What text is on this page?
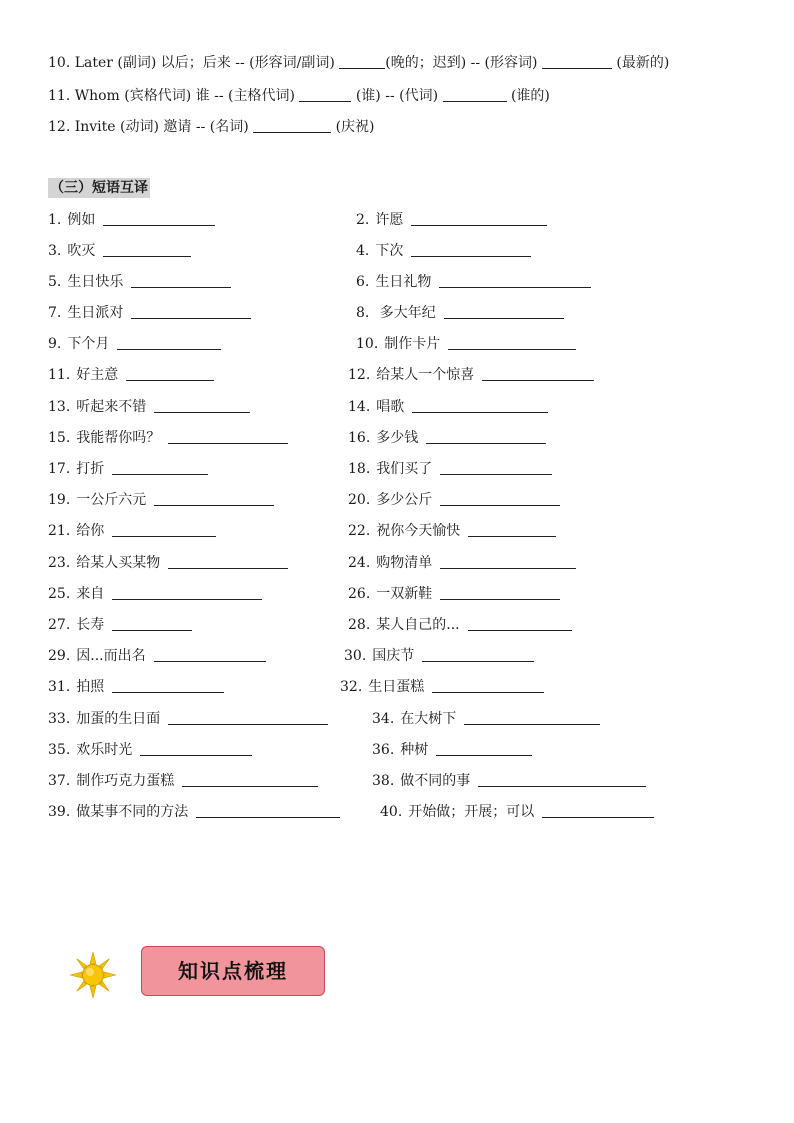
10. Later (副词) 以后；后来 -- (形容词/副词)	(晚的；迟到) -- (形容词)	(最新的)
11. Whom (宾格代词) 谁 -- (主格代词)	(谁) -- (代词)	(谁的)
12. Invite (动词) 邀请 -- (名词)	(庆祝)
（三）短语互译
1. 例如	2. 许愿
3. 吹灭	4. 下次
5. 生日快乐	6. 生日礼物
7. 生日派对	8. 多大年纪
9. 下个月	10. 制作卡片
11. 好主意	12. 给某人一个惊喜
13. 听起来不错	14. 唱歌
15. 我能帮你吗？	16. 多少钱
17. 打折	18. 我们买了
19. 一公斤六元	20. 多少公斤
21. 给你	22. 祝你今天愉快
23. 给某人买某物	24. 购物清单
25. 来自	26. 一双新鞋
27. 长寿	28. 某人自己的...
29. 因...而出名	30. 国庆节
31. 拍照	32. 生日蛋糕
33. 加蛋的生日面	34. 在大树下
35. 欢乐时光	36. 种树
37. 制作巧克力蛋糕	38. 做不同的事
39. 做某事不同的方法	40. 开始做；开展；可以
知识点梳理
